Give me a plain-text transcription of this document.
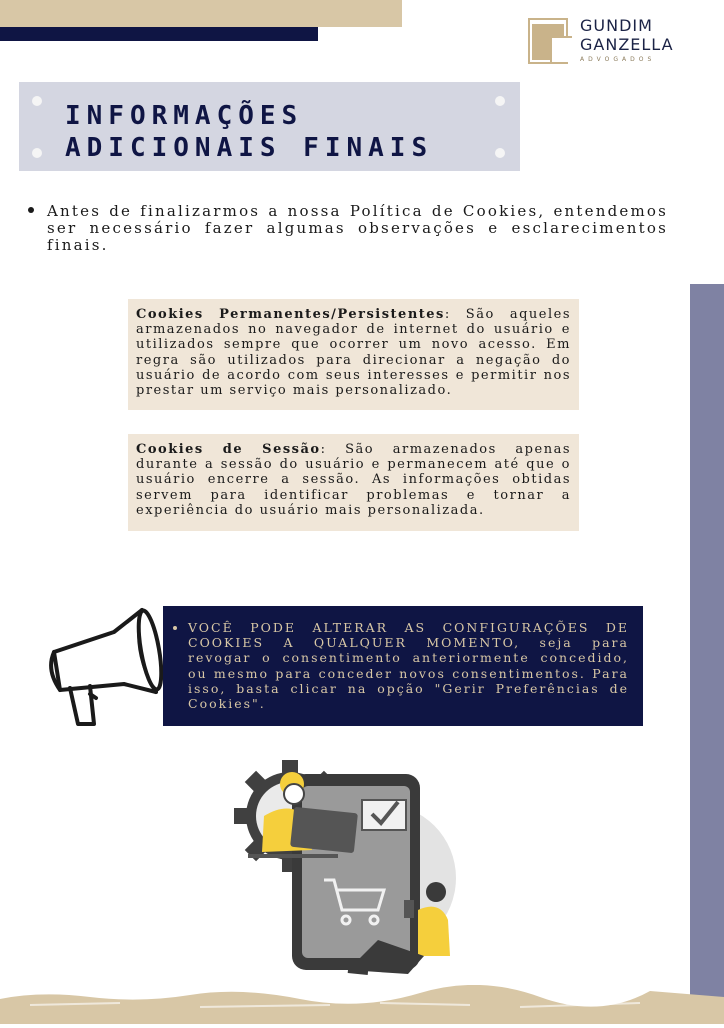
GUNDIM
GANZELLA
ADVOGADOS
INFORMAÇÕES
ADICIONAIS FINAIS
Antes de finalizarmos a nossa Política de Cookies, entendemos ser necessário fazer algumas observações e esclarecimentos finais.
Cookies Permanentes/Persistentes: São aqueles armazenados no navegador de internet do usuário e utilizados sempre que ocorrer um novo acesso. Em regra são utilizados para direcionar a negação do usuário de acordo com seus interesses e permitir nos prestar um serviço mais personalizado.
Cookies de Sessão: São armazenados apenas durante a sessão do usuário e permanecem até que o usuário encerre a sessão. As informações obtidas servem para identificar problemas e tornar a experiência do usuário mais personalizada.
VOCÊ PODE ALTERAR AS CONFIGURAÇÕES DE COOKIES A QUALQUER MOMENTO, seja para revogar o consentimento anteriormente concedido, ou mesmo para conceder novos consentimentos. Para isso, basta clicar na opção "Gerir Preferências de Cookies".
